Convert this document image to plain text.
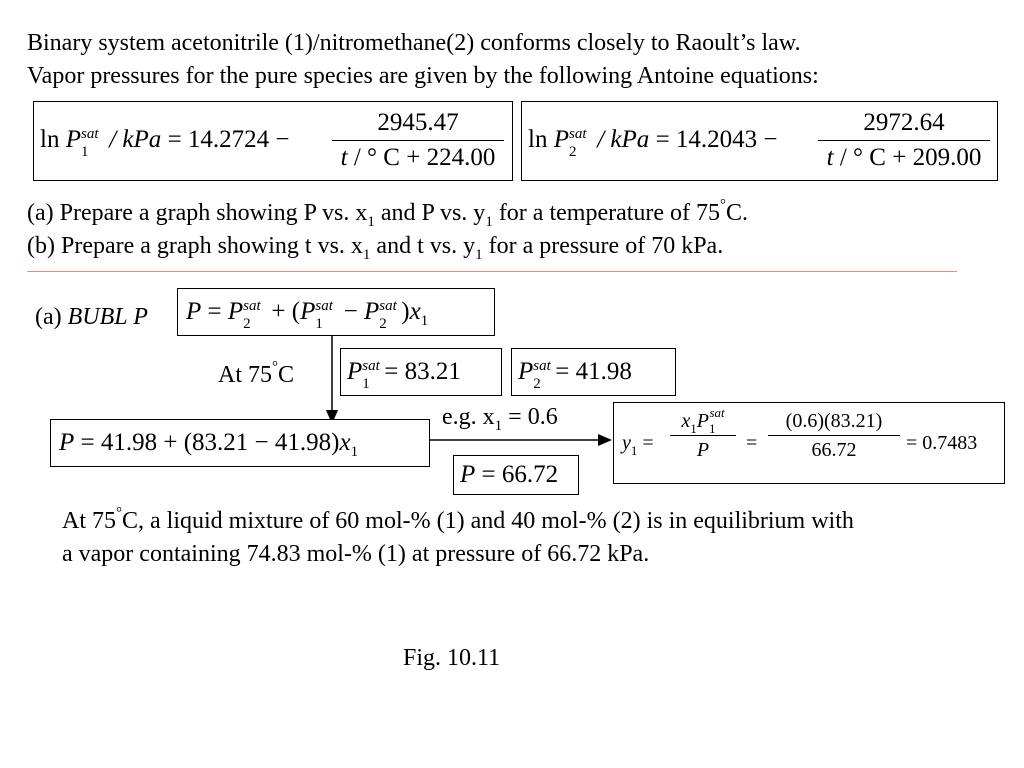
Binary system acetonitrile (1)/nitromethane(2) conforms closely to Raoult’s law.
Vapor pressures for the pure species are given by the following Antoine equations:
ln P sat
1 / kPa = 14.2724 −
2945.47
t / ° C + 224.00
ln P sat
2 / kPa = 14.2043 −
2972.64
t / ° C + 209.00
(a) Prepare a graph showing P vs. $x_1$ and P vs. $y_1$ for a temperature of 75°C.
(b) Prepare a graph showing t vs. $x_1$ and t vs. $y_1$ for a pressure of 70 kPa.
(a) BUBL P P = P sat
2 + (P sat
1 − P sat
2 )$x_1$
At 75°C P sat
1 = 83.21 P sat
2 = 41.98
$P = 41.98 + (83.21 - 41.98)x_1$
e.g. $x_1 = 0.6$
P = 66.72
$y_1$ =
$x_1P_1^{sat}$
P	=
(0.6)(83.21)
66.72	= 0.7483
At 75°C, a liquid mixture of 60 mol-% (1) and 40 mol-% (2) is in equilibrium with
a vapor containing 74.83 mol-% (1) at pressure of 66.72 kPa.
Fig. 10.11
